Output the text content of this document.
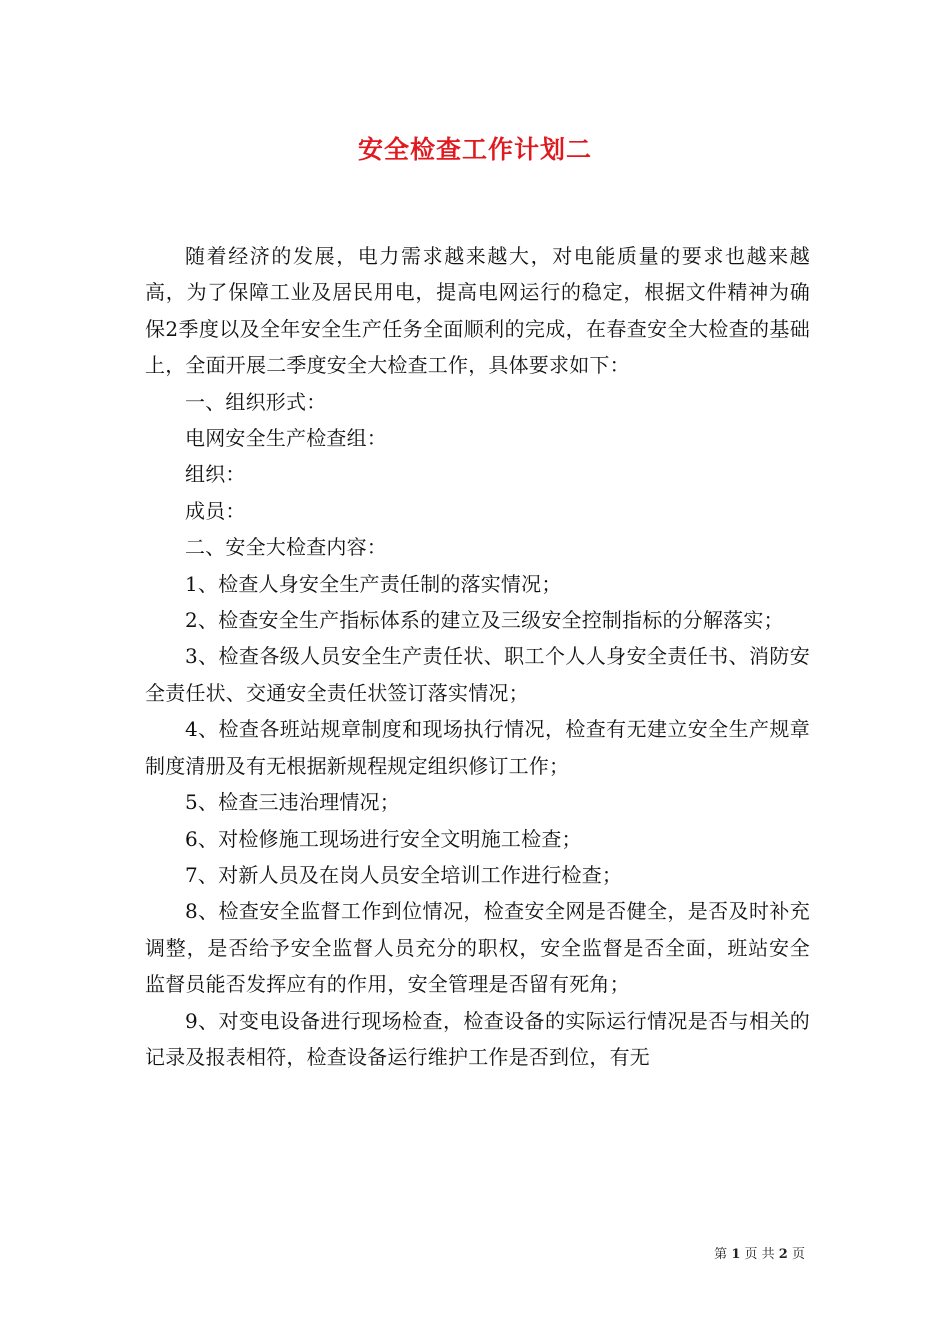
安全检查工作计划二

随着经济的发展，电力需求越来越大，对电能质量的要求也越来越高，为了保障工业及居民用电，提高电网运行的稳定，根据文件精神为确保2季度以及全年安全生产任务全面顺利的完成，在春查安全大检查的基础上，全面开展二季度安全大检查工作，具体要求如下：

一、组织形式：

电网安全生产检查组：

组织：

成员：

二、安全大检查内容：

1、检查人身安全生产责任制的落实情况；

2、检查安全生产指标体系的建立及三级安全控制指标的分解落实；

3、检查各级人员安全生产责任状、职工个人人身安全责任书、消防安全责任状、交通安全责任状签订落实情况；

4、检查各班站规章制度和现场执行情况，检查有无建立安全生产规章制度清册及有无根据新规程规定组织修订工作；

5、检查三违治理情况；

6、对检修施工现场进行安全文明施工检查；

7、对新人员及在岗人员安全培训工作进行检查；

8、检查安全监督工作到位情况，检查安全网是否健全，是否及时补充调整，是否给予安全监督人员充分的职权，安全监督是否全面，班站安全监督员能否发挥应有的作用，安全管理是否留有死角；

9、对变电设备进行现场检查，检查设备的实际运行情况是否与相关的记录及报表相符，检查设备运行维护工作是否到位，有无

第 1 页 共 2 页
